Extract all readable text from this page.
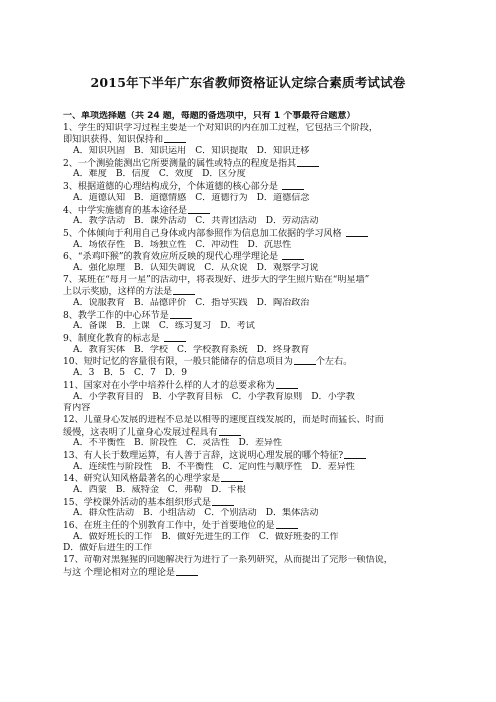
2015年下半年广东省教师资格证认定综合素质考试试卷
一、单项选择题（共 24 题，每题的备选项中，只有 1 个事最符合题意）
1、学生的知识学习过程主要是一个对知识的内在加工过程，它包括三个阶段，
即知识获得、知识保持和
A．知识巩固 B．知识运用 C．知识提取 D．知识迁移
2、一个测验能测出它所要测量的属性或特点的程度是指其
A．难度 B．信度 C．效度 D．区分度
3、根据道德的心理结构成分，个体道德的核心部分是
A．道德认知 B．道德情感 C．道德行为 D．道德信念
4、中学实施德育的基本途径是
A．教学活动 B．课外活动 C．共青团活动 D．劳动活动
5、个体倾向于利用自己身体或内部参照作为信息加工依据的学习风格
A．场依存性 B．场独立性 C．冲动性 D．沉思性
6、“杀鸡吓猴”的教育效应所反映的现代心理学理论是
A．强化原理 B．认知失调说 C．从众说 D．观察学习说
7、某班在“每月一星”的活动中，将表现好、进步大的学生照片贴在“明星墙”
上以示奖励，这样的方法是
A．说服教育 B．品德评价 C．指导实践 D．陶冶政治
8、教学工作的中心环节是
A．备课 B．上课 C．练习复习 D．考试
9、制度化教育的标志是
A．教育实体 B．学校 C．学校教育系统 D．终身教育
10、短时记忆的容量很有限，一般只能储存的信息项目为	个左右。
A．3 B．5 C．7 D．9
11、国家对在小学中培养什么样的人才的总要求称为
A．小学教育目的 B．小学教育目标 C．小学教育原则 D．小学教
育内容
12、儿童身心发展的进程不总是以相等的速度直线发展的，而是时而猛长、时而
缓慢，这表明了儿童身心发展过程具有
A．不平衡性 B．阶段性 C．灵活性 D．差异性
13、有人长于数理运算，有人善于言辞，这说明心理发展的哪个特征?
A．连续性与阶段性 B．不平衡性 C．定向性与顺序性 D．差异性
14、研究认知风格最著名的心理学家是
A．西蒙 B．威特金 C．弗勒 D．卡根
15、学校课外活动的基本组织形式是
A．群众性活动 B．小组活动 C．个别活动 D．集体活动
16、在班主任的个别教育工作中，处于首要地位的是
A．做好班长的工作 B．做好先进生的工作 C．做好班委的工作
D．做好后进生的工作
17、苛勒对黑猩猩的问题解决行为进行了一系列研究，从而提出了完形一顿悟说，
与这 个理论相对立的理论是
